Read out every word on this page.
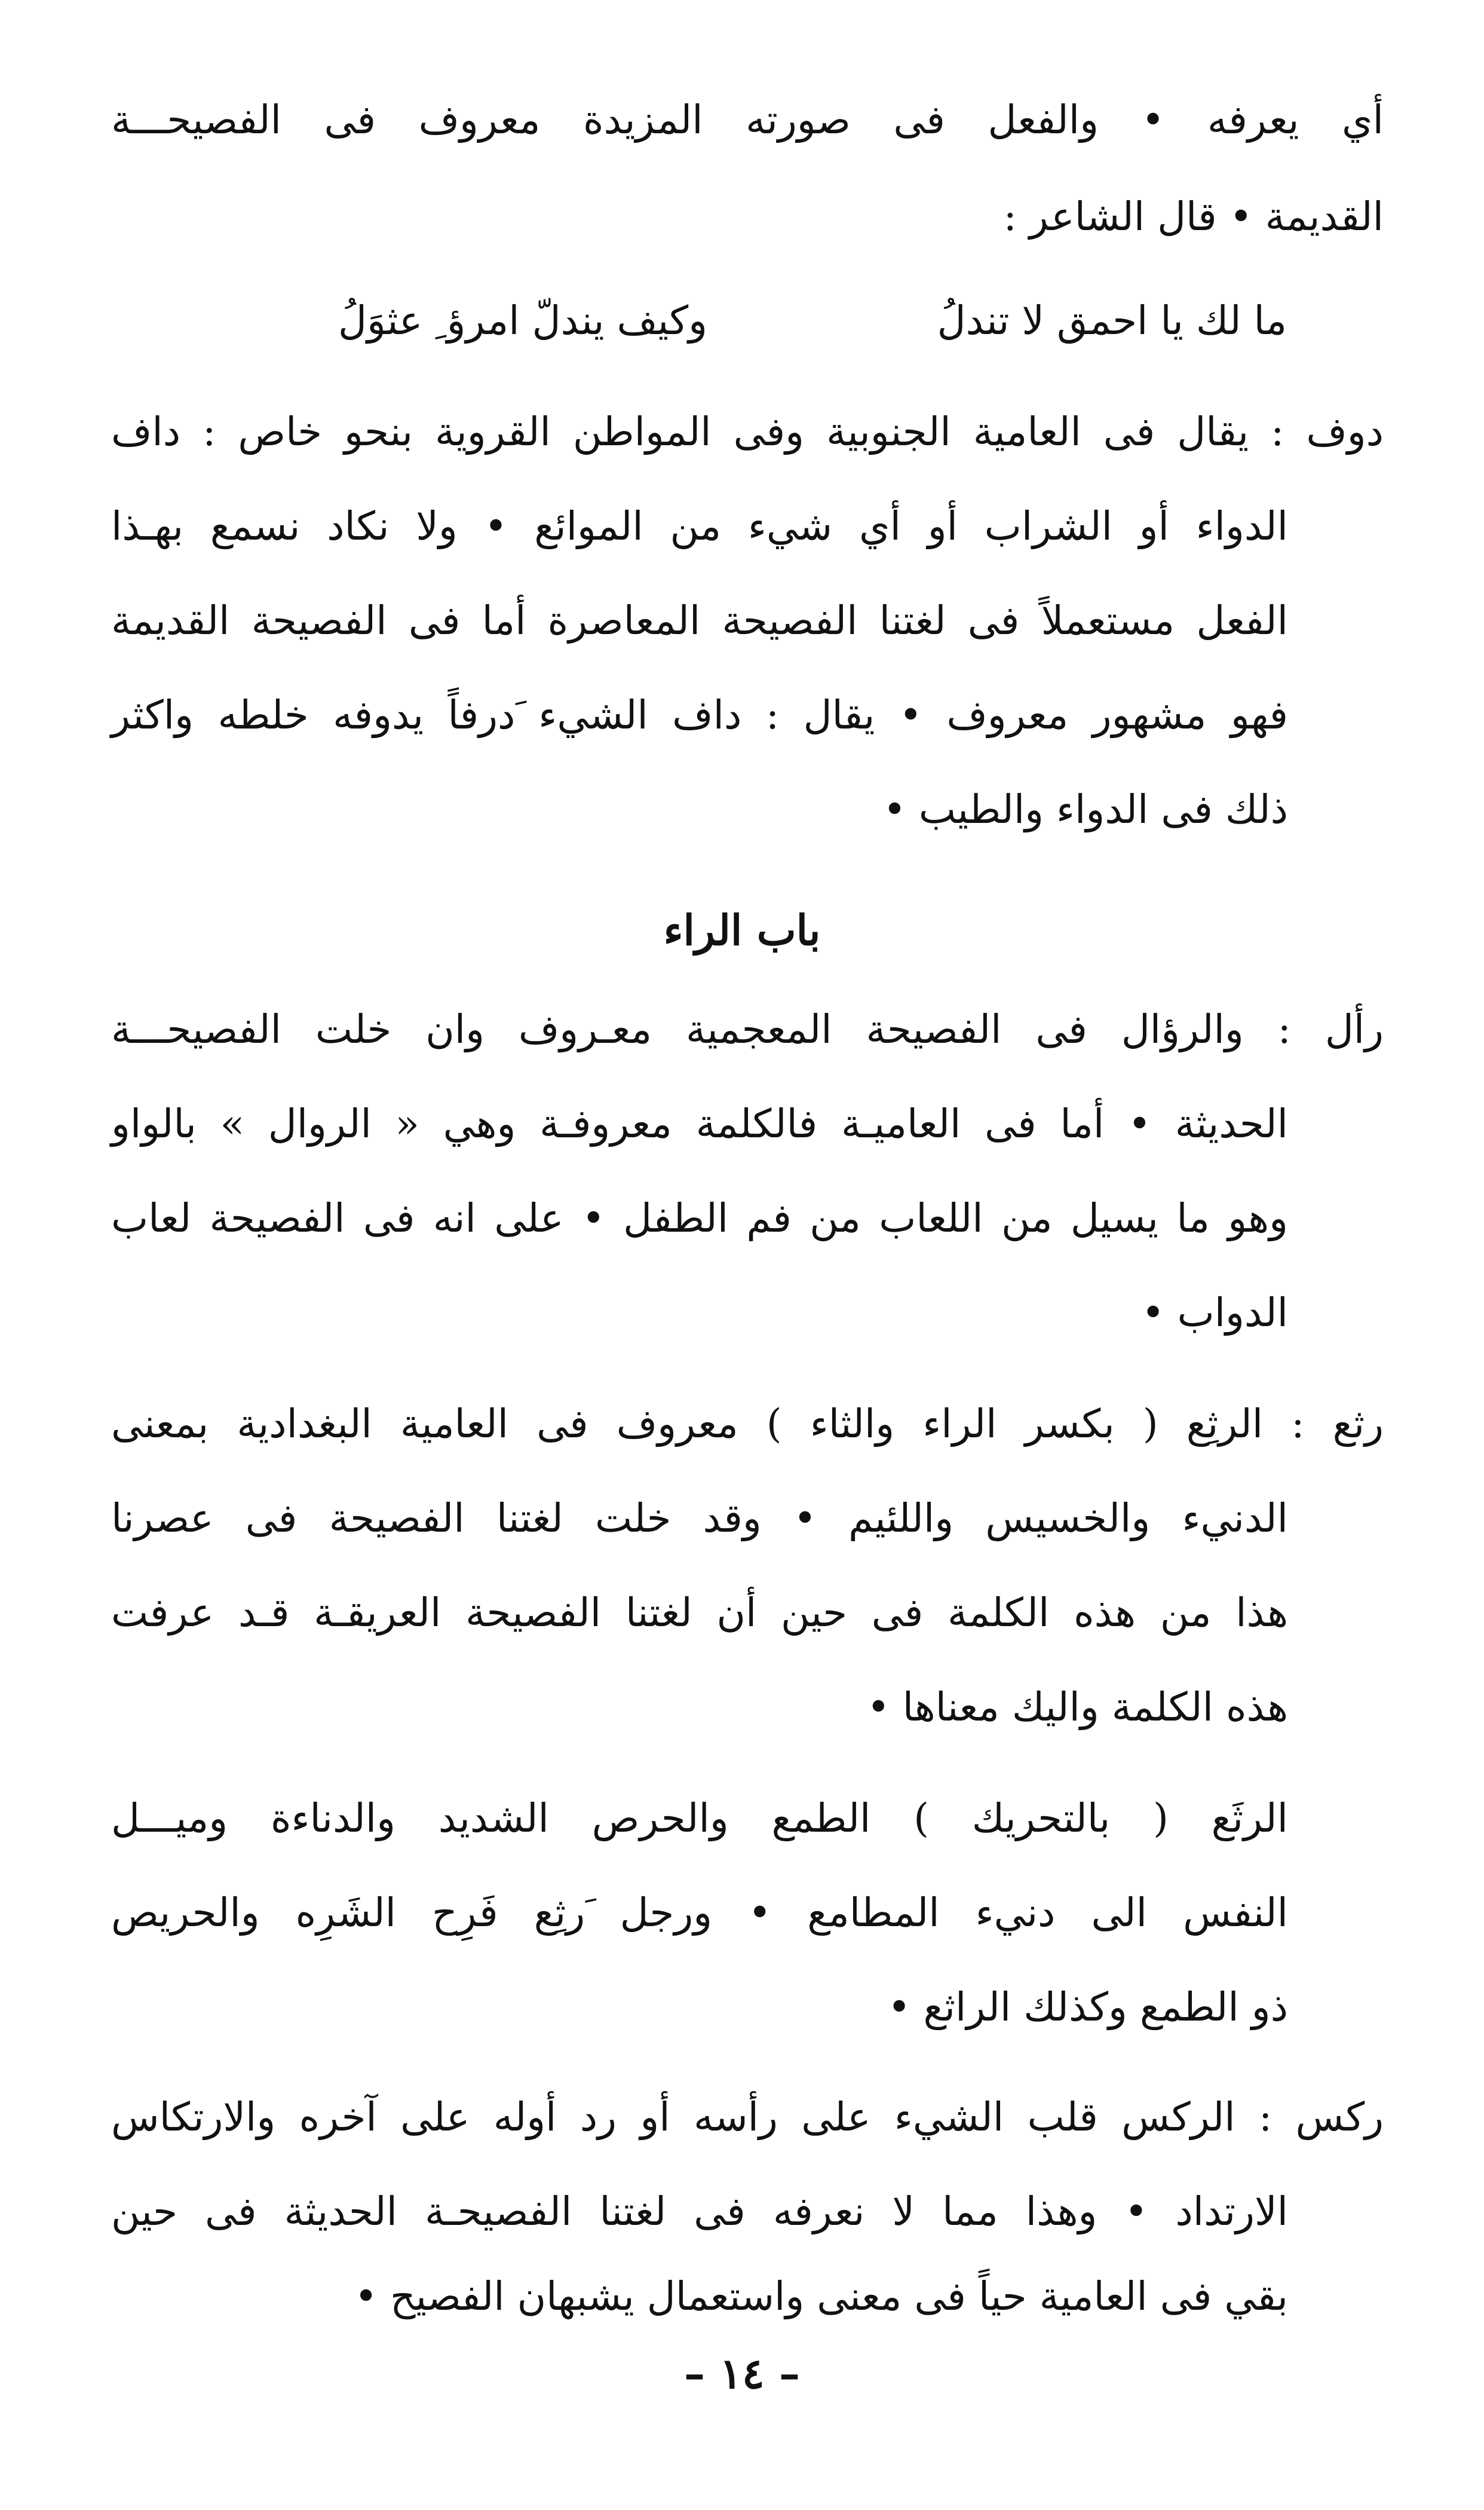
أي يعرفه • والفعل فى صورته المزيدة معروف فى الفصيحـــة
القديمة • قال الشاعر :
ما لك يا احمق لا تندلُ
وكيف يندلّ امرؤ ِ عثوَلُ
دوف : يقال فى العامية الجنوبية وفى المواطن القروية بنحو خاص : داف
الدواء أو الشراب أو أي شيء من الموائع • ولا نكاد نسمع بهـذا
الفعل مستعملاً فى لغتنا الفصيحة المعاصرة أما فى الفصيحة القديمة
فهو مشهور معروف • يقال : داف الشيء َدرفاً يدوفه خلطه واكثر
ذلك فى الدواء والطيب •
باب الراء
رأل : والرؤال فى الفصيحة المعجمية معـروف وان خلت الفصيحـــة
الحديثة • أما فى العاميـة فالكلمة معروفـة وهي « الروال » بالواو
وهو ما يسيل من اللعاب من فم الطفل • على انه فى الفصيحة لعاب
الدواب •
رثع : الرثِع ( بكسر الراء والثاء ) معروف فى العامية البغدادية بمعنى
الدنيء والخسيس واللئيم • وقد خلت لغتنا الفصيحة فى عصرنا
هذا من هذه الكلمة فى حين أن لغتنا الفصيحة العريقـة قـد عرفت
هذه الكلمة واليك معناها •
الرثَع ( بالتحريك ) الطمع والحرص الشديد والدناءة وميـــل
النفس الى دنيء المطامع • ورجل َرثِع فَرِح الشَرِه والحريص
ذو الطمع وكذلك الراثع •
ركس : الركس قلب الشيء على رأسه أو رد أوله على آخره والارتكاس
الارتداد • وهذا مما لا نعرفه فى لغتنا الفصيحـة الحديثة فى حين
بقي فى العامية حياً فى معنى واستعمال يشبهان الفصيح •
– ١٤ –
